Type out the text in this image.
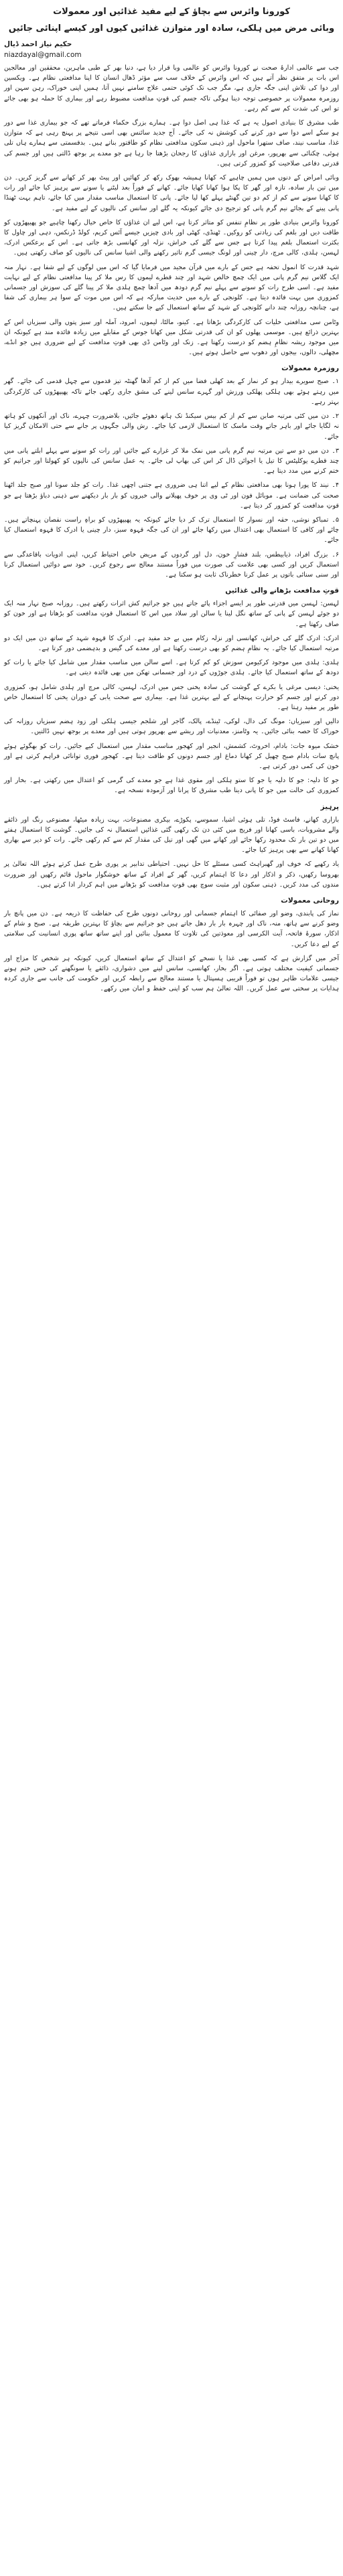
کورونا وائرس سے بچاؤ کے لیے مفید غذائیں اور معمولات
وبائی مرض میں ہلکی، سادہ اور متوازن غذائیں کیوں اور کیسے اپنائی جائیں
حکیم نیاز احمد ڈیال
niazdayal@gmail.com
جب سے عالمی ادارۂ صحت نے کورونا وائرس کو عالمی وبا قرار دیا ہے، دنیا بھر کے طبی ماہرین، محققین اور معالجین اس بات پر متفق نظر آتے ہیں کہ اس وائرس کے خلاف سب سے مؤثر ڈھال انسان کا اپنا مدافعتی نظام ہے۔ ویکسین اور دوا کی تلاش اپنی جگہ جاری ہے، مگر جب تک کوئی حتمی علاج سامنے نہیں آتا، ہمیں اپنی خوراک، رہن سہن اور روزمرہ معمولات پر خصوصی توجہ دینا ہوگی تاکہ جسم کی قوتِ مدافعت مضبوط رہے اور بیماری کا حملہ ہو بھی جائے تو اس کی شدت کم سے کم رہے۔
طب مشرق کا بنیادی اصول یہ ہے کہ غذا ہی اصل دوا ہے۔ ہمارے بزرگ حکماء فرماتے تھے کہ جو بیماری غذا سے دور ہو سکے اسے دوا سے دور کرنے کی کوشش نہ کی جائے۔ آج جدید سائنس بھی اسی نتیجے پر پہنچ رہی ہے کہ متوازن غذا، مناسب نیند، صاف ستھرا ماحول اور ذہنی سکون مدافعتی نظام کو طاقتور بناتے ہیں۔ بدقسمتی سے ہمارے ہاں تلی ہوئی، چکنائی سے بھرپور، مرغن اور بازاری غذاؤں کا رجحان بڑھتا جا رہا ہے جو معدے پر بوجھ ڈالتی ہیں اور جسم کی قدرتی دفاعی صلاحیت کو کمزور کرتی ہیں۔
وبائی امراض کے دنوں میں ہمیں چاہیے کہ کھانا ہمیشہ بھوک رکھ کر کھائیں اور پیٹ بھر کر کھانے سے گریز کریں۔ دن میں تین بار سادہ، تازہ اور گھر کا پکا ہوا کھانا کھایا جائے۔ کھانے کے فوراً بعد لیٹنے یا سونے سے پرہیز کیا جائے اور رات کا کھانا سونے سے کم از کم دو تین گھنٹے پہلے کھا لیا جائے۔ پانی کا استعمال مناسب مقدار میں کیا جائے، تاہم بہت ٹھنڈا پانی پینے کے بجائے نیم گرم پانی کو ترجیح دی جائے کیونکہ یہ گلے اور سانس کی نالیوں کے لیے مفید ہے۔
کورونا وائرس بنیادی طور پر نظامِ تنفس کو متاثر کرتا ہے، اس لیے ان غذاؤں کا خاص خیال رکھنا چاہیے جو پھیپھڑوں کو طاقت دیں اور بلغم کی زیادتی کو روکیں۔ ٹھنڈی، کھٹی اور بادی چیزیں جیسے آئس کریم، کولڈ ڈرنکس، دہی اور چاول کا بکثرت استعمال بلغم پیدا کرتا ہے جس سے گلے کی خراش، نزلہ اور کھانسی بڑھ جاتی ہے۔ اس کے برعکس ادرک، لہسن، ہلدی، کالی مرچ، دار چینی اور لونگ جیسی گرم تاثیر رکھنے والی اشیا سانس کی نالیوں کو صاف رکھتی ہیں۔
شہد قدرت کا انمول تحفہ ہے جس کے بارے میں قرآن مجید میں فرمایا گیا کہ اس میں لوگوں کے لیے شفا ہے۔ نہار منہ ایک گلاس نیم گرم پانی میں ایک چمچ خالص شہد اور چند قطرے لیموں کا رس ملا کر پینا مدافعتی نظام کے لیے نہایت مفید ہے۔ اسی طرح رات کو سونے سے پہلے نیم گرم دودھ میں آدھا چمچ ہلدی ملا کر پینا گلے کی سوزش اور جسمانی کمزوری میں بہت فائدہ دیتا ہے۔ کلونجی کے بارے میں حدیث مبارکہ ہے کہ اس میں موت کے سوا ہر بیماری کی شفا ہے، چنانچہ روزانہ چند دانے کلونجی کے شہد کے ساتھ استعمال کیے جا سکتے ہیں۔
وٹامن سی مدافعتی خلیات کی کارکردگی بڑھاتا ہے۔ کینو، مالٹا، لیموں، امرود، آملہ اور سبز پتوں والی سبزیاں اس کے بہترین ذرائع ہیں۔ موسمی پھلوں کو ان کی قدرتی شکل میں کھانا جوس کے مقابلے میں زیادہ فائدہ مند ہے کیونکہ ان میں موجود ریشہ نظامِ ہضم کو درست رکھتا ہے۔ زنک اور وٹامن ڈی بھی قوتِ مدافعت کے لیے ضروری ہیں جو انڈے، مچھلی، دالوں، بیجوں اور دھوپ سے حاصل ہوتے ہیں۔
روزمرہ معمولات
۱۔ صبح سویرے بیدار ہو کر نماز کے بعد کھلی فضا میں کم از کم آدھا گھنٹہ تیز قدموں سے چہل قدمی کی جائے۔ گھر میں رہتے ہوئے بھی ہلکی پھلکی ورزش اور گہرے سانس لینے کی مشق جاری رکھی جائے تاکہ پھیپھڑوں کی کارکردگی بہتر رہے۔
۲۔ دن میں کئی مرتبہ صابن سے کم از کم بیس سیکنڈ تک ہاتھ دھوئے جائیں، بلاضرورت چہرے، ناک اور آنکھوں کو ہاتھ نہ لگایا جائے اور باہر جاتے وقت ماسک کا استعمال لازمی کیا جائے۔ رش والی جگہوں پر جانے سے حتی الامکان گریز کیا جائے۔
۳۔ دن میں دو سے تین مرتبہ نیم گرم پانی میں نمک ملا کر غرارے کیے جائیں اور رات کو سونے سے پہلے ابلتے پانی میں چند قطرے یوکلپٹس کا تیل یا اجوائن ڈال کر اس کی بھاپ لی جائے۔ یہ عمل سانس کی نالیوں کو کھولتا اور جراثیم کو ختم کرنے میں مدد دیتا ہے۔
۴۔ نیند کا پورا ہونا بھی مدافعتی نظام کے لیے اتنا ہی ضروری ہے جتنی اچھی غذا۔ رات کو جلد سونا اور صبح جلد اٹھنا صحت کی ضمانت ہے۔ موبائل فون اور ٹی وی پر خوف پھیلانے والی خبروں کو بار بار دیکھنے سے ذہنی دباؤ بڑھتا ہے جو قوتِ مدافعت کو کمزور کر دیتا ہے۔
۵۔ تمباکو نوشی، حقہ اور نسوار کا استعمال ترک کر دیا جائے کیونکہ یہ پھیپھڑوں کو براہِ راست نقصان پہنچاتے ہیں۔ چائے اور کافی کا استعمال بھی اعتدال میں رکھا جائے اور ان کی جگہ قہوہ سبز، دار چینی یا ادرک کا قہوہ استعمال کیا جائے۔
۶۔ بزرگ افراد، ذیابیطس، بلند فشارِ خون، دل اور گردوں کے مریض خاص احتیاط کریں، اپنی ادویات باقاعدگی سے استعمال کریں اور کسی بھی علامت کی صورت میں فوراً مستند معالج سے رجوع کریں۔ خود سے دوائیں استعمال کرنا اور سنی سنائی باتوں پر عمل کرنا خطرناک ثابت ہو سکتا ہے۔
قوتِ مدافعت بڑھانے والی غذائیں
لہسن: لہسن میں قدرتی طور پر ایسے اجزاء پائے جاتے ہیں جو جراثیم کش اثرات رکھتے ہیں۔ روزانہ صبح نہار منہ ایک دو جوئے لہسن کے پانی کے ساتھ نگل لینا یا سالن اور سلاد میں اس کا استعمال قوتِ مدافعت کو بڑھاتا ہے اور خون کو صاف رکھتا ہے۔
ادرک: ادرک گلے کی خراش، کھانسی اور نزلہ زکام میں بے حد مفید ہے۔ ادرک کا قہوہ شہد کے ساتھ دن میں ایک دو مرتبہ استعمال کیا جائے۔ یہ نظامِ ہضم کو بھی درست رکھتا ہے اور معدے کی گیس و بدہضمی دور کرتا ہے۔
ہلدی: ہلدی میں موجود کرکیومن سوزش کو کم کرتا ہے۔ اسے سالن میں مناسب مقدار میں شامل کیا جائے یا رات کو دودھ کے ساتھ استعمال کیا جائے۔ ہلدی جوڑوں کے درد اور جسمانی تھکن میں بھی فائدہ دیتی ہے۔
یخنی: دیسی مرغی یا بکرے کے گوشت کی سادہ یخنی جس میں ادرک، لہسن، کالی مرچ اور ہلدی شامل ہو، کمزوری دور کرنے اور جسم کو حرارت پہنچانے کے لیے بہترین غذا ہے۔ بیماری سے صحت یابی کے دوران یخنی کا استعمال خاص طور پر مفید رہتا ہے۔
دالیں اور سبزیاں: مونگ کی دال، لوکی، ٹینڈے، پالک، گاجر اور شلجم جیسی ہلکی اور زود ہضم سبزیاں روزانہ کی خوراک کا حصہ بنائی جائیں۔ یہ وٹامنز، معدنیات اور ریشے سے بھرپور ہوتی ہیں اور معدے پر بوجھ نہیں ڈالتیں۔
خشک میوہ جات: بادام، اخروٹ، کشمش، انجیر اور کھجور مناسب مقدار میں استعمال کیے جائیں۔ رات کو بھگوئے ہوئے پانچ سات بادام صبح چھیل کر کھانا دماغ اور جسم دونوں کو طاقت دیتا ہے۔ کھجور فوری توانائی فراہم کرتی ہے اور خون کی کمی دور کرتی ہے۔
جو کا دلیہ: جو کا دلیہ یا جو کا ستو ہلکی اور مقوی غذا ہے جو معدے کی گرمی کو اعتدال میں رکھتی ہے۔ بخار اور کمزوری کی حالت میں جو کا پانی دینا طب مشرق کا پرانا اور آزمودہ نسخہ ہے۔
پرہیز
بازاری کھانے، فاسٹ فوڈ، تلی ہوئی اشیا، سموسے، پکوڑے، بیکری مصنوعات، بہت زیادہ میٹھا، مصنوعی رنگ اور ذائقے والے مشروبات، باسی کھانا اور فریج میں کئی دن تک رکھی گئی غذائیں استعمال نہ کی جائیں۔ گوشت کا استعمال ہفتے میں دو تین بار تک محدود رکھا جائے اور کھانے میں گھی اور تیل کی مقدار کم سے کم رکھی جائے۔ رات کو دیر سے بھاری کھانا کھانے سے بھی پرہیز کیا جائے۔
یاد رکھیے کہ خوف اور گھبراہٹ کسی مسئلے کا حل نہیں۔ احتیاطی تدابیر پر پوری طرح عمل کرتے ہوئے اللہ تعالیٰ پر بھروسا رکھیں، ذکر و اذکار اور دعا کا اہتمام کریں، گھر کے افراد کے ساتھ خوشگوار ماحول قائم رکھیں اور ضرورت مندوں کی مدد کریں۔ ذہنی سکون اور مثبت سوچ بھی قوتِ مدافعت کو بڑھانے میں اہم کردار ادا کرتے ہیں۔
روحانی معمولات
نماز کی پابندی، وضو اور صفائی کا اہتمام جسمانی اور روحانی دونوں طرح کی حفاظت کا ذریعہ ہے۔ دن میں پانچ بار وضو کرنے سے ہاتھ، منہ، ناک اور چہرہ بار بار دھل جاتے ہیں جو جراثیم سے بچاؤ کا بہترین طریقہ ہے۔ صبح و شام کے اذکار، سورۂ فاتحہ، آیت الکرسی اور معوذتین کی تلاوت کا معمول بنائیں اور اپنے ساتھ ساتھ پوری انسانیت کی سلامتی کے لیے دعا کریں۔
آخر میں گزارش ہے کہ کسی بھی غذا یا نسخے کو اعتدال کے ساتھ استعمال کریں، کیونکہ ہر شخص کا مزاج اور جسمانی کیفیت مختلف ہوتی ہے۔ اگر بخار، کھانسی، سانس لینے میں دشواری، ذائقے یا سونگھنے کی حس ختم ہونے جیسی علامات ظاہر ہوں تو فوراً قریبی ہسپتال یا مستند معالج سے رابطہ کریں اور حکومت کی جانب سے جاری کردہ ہدایات پر سختی سے عمل کریں۔ اللہ تعالیٰ ہم سب کو اپنی حفظ و امان میں رکھے۔
